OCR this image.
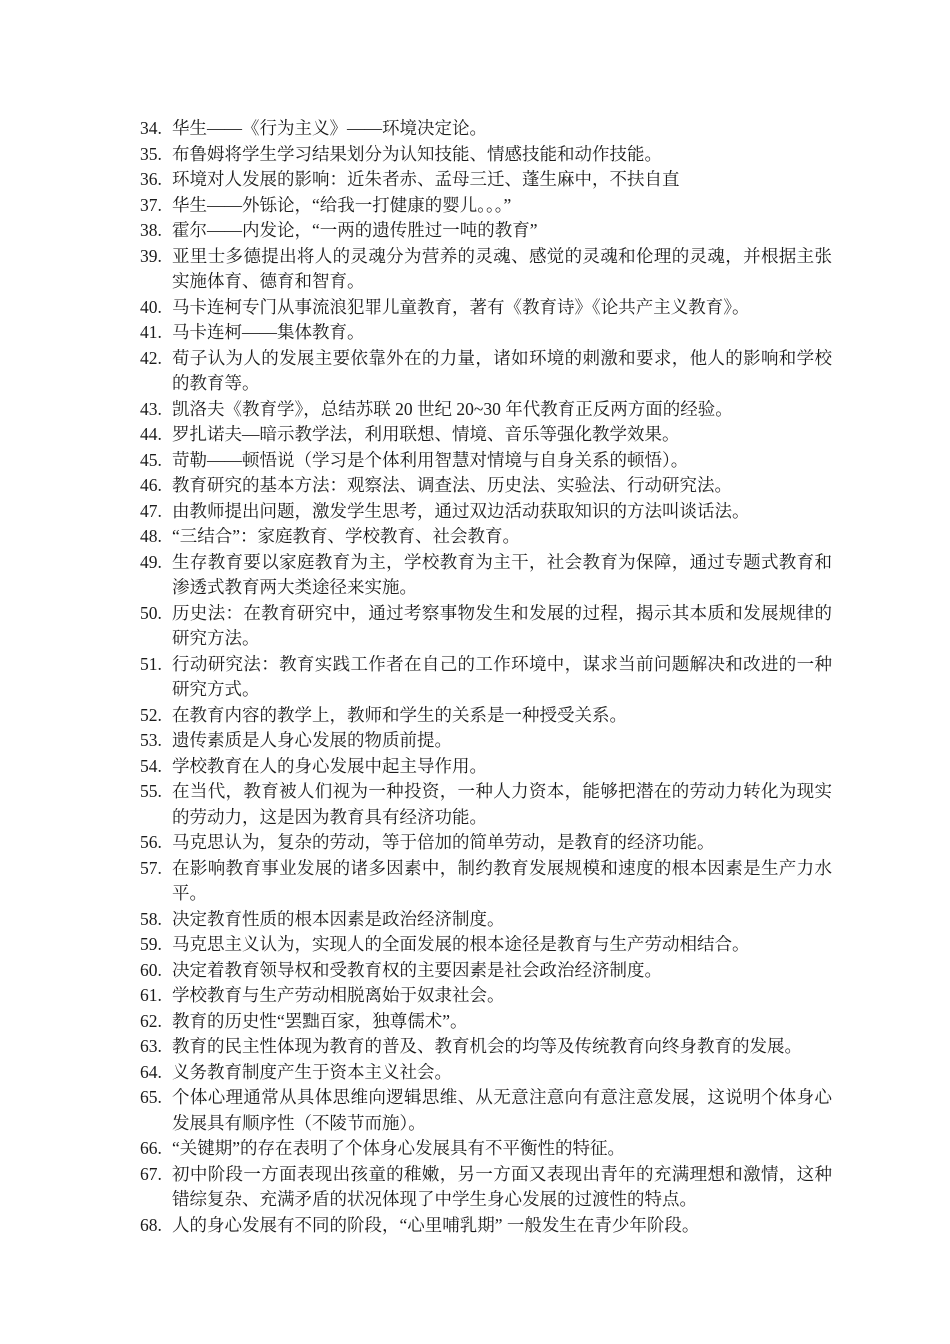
34. 华生——《行为主义》——环境决定论。
35. 布鲁姆将学生学习结果划分为认知技能、情感技能和动作技能。
36. 环境对人发展的影响：近朱者赤、孟母三迁、蓬生麻中，不扶自直
37. 华生——外铄论，“给我一打健康的婴儿。。。”
38. 霍尔——内发论，“一两的遗传胜过一吨的教育”
39. 亚里士多德提出将人的灵魂分为营养的灵魂、感觉的灵魂和伦理的灵魂，并根据主张实施体育、德育和智育。
40. 马卡连柯专门从事流浪犯罪儿童教育，著有《教育诗》《论共产主义教育》。
41. 马卡连柯——集体教育。
42. 荀子认为人的发展主要依靠外在的力量，诸如环境的刺激和要求，他人的影响和学校的教育等。
43. 凯洛夫《教育学》，总结苏联 20 世纪 20~30 年代教育正反两方面的经验。
44. 罗扎诺夫—暗示教学法，利用联想、情境、音乐等强化教学效果。
45. 苛勒——顿悟说（学习是个体利用智慧对情境与自身关系的顿悟）。
46. 教育研究的基本方法：观察法、调查法、历史法、实验法、行动研究法。
47. 由教师提出问题，激发学生思考，通过双边活动获取知识的方法叫谈话法。
48. “三结合”：家庭教育、学校教育、社会教育。
49. 生存教育要以家庭教育为主，学校教育为主干，社会教育为保障，通过专题式教育和渗透式教育两大类途径来实施。
50. 历史法：在教育研究中，通过考察事物发生和发展的过程，揭示其本质和发展规律的研究方法。
51. 行动研究法：教育实践工作者在自己的工作环境中，谋求当前问题解决和改进的一种研究方式。
52. 在教育内容的教学上，教师和学生的关系是一种授受关系。
53. 遗传素质是人身心发展的物质前提。
54. 学校教育在人的身心发展中起主导作用。
55. 在当代，教育被人们视为一种投资，一种人力资本，能够把潜在的劳动力转化为现实的劳动力，这是因为教育具有经济功能。
56. 马克思认为，复杂的劳动，等于倍加的简单劳动，是教育的经济功能。
57. 在影响教育事业发展的诸多因素中，制约教育发展规模和速度的根本因素是生产力水平。
58. 决定教育性质的根本因素是政治经济制度。
59. 马克思主义认为，实现人的全面发展的根本途径是教育与生产劳动相结合。
60. 决定着教育领导权和受教育权的主要因素是社会政治经济制度。
61. 学校教育与生产劳动相脱离始于奴隶社会。
62. 教育的历史性“罢黜百家，独尊儒术”。
63. 教育的民主性体现为教育的普及、教育机会的均等及传统教育向终身教育的发展。
64. 义务教育制度产生于资本主义社会。
65. 个体心理通常从具体思维向逻辑思维、从无意注意向有意注意发展，这说明个体身心发展具有顺序性（不陵节而施）。
66. “关键期”的存在表明了个体身心发展具有不平衡性的特征。
67. 初中阶段一方面表现出孩童的稚嫩，另一方面又表现出青年的充满理想和激情，这种错综复杂、充满矛盾的状况体现了中学生身心发展的过渡性的特点。
68. 人的身心发展有不同的阶段，“心里哺乳期” 一般发生在青少年阶段。
